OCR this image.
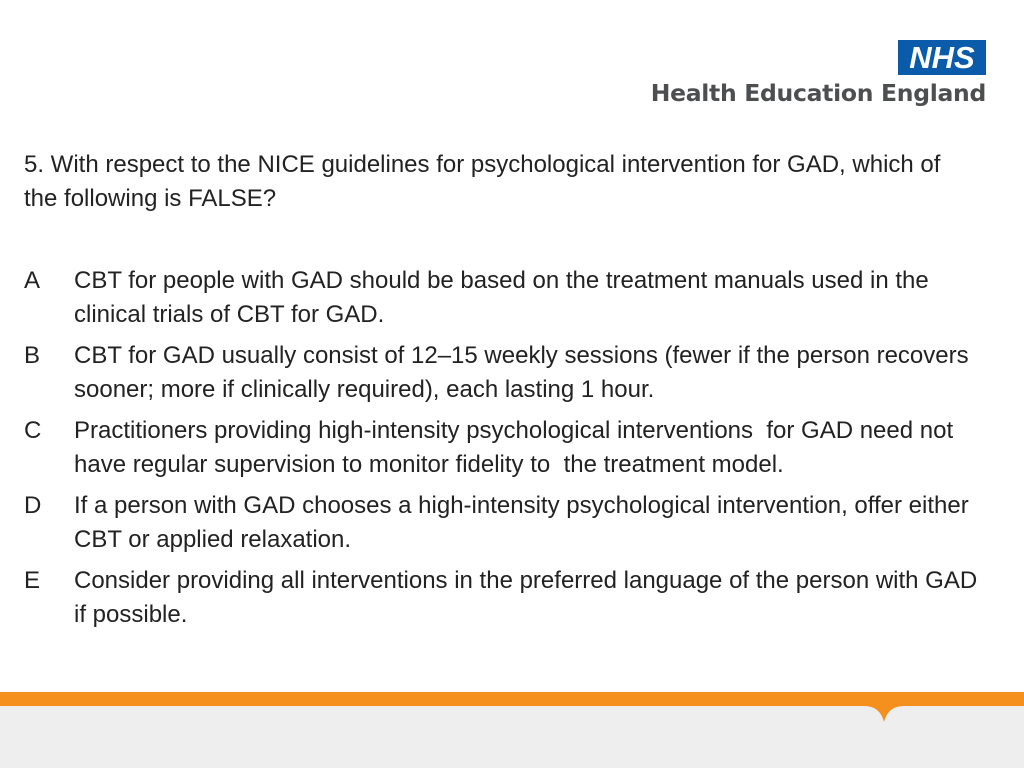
NHS
Health Education England
5. With respect to the NICE guidelines for psychological intervention for GAD, which of the following is FALSE?
A	CBT for people with GAD should be based on the treatment manuals used in the clinical trials of CBT for GAD.
B	CBT for GAD usually consist of 12–15 weekly sessions (fewer if the person recovers sooner; more if clinically required), each lasting 1 hour.
C	Practitioners providing high-intensity psychological interventions  for GAD need not have regular supervision to monitor fidelity to  the treatment model.
D	If a person with GAD chooses a high-intensity psychological intervention, offer either CBT or applied relaxation.
E	Consider providing all interventions in the preferred language of the person with GAD if possible.
